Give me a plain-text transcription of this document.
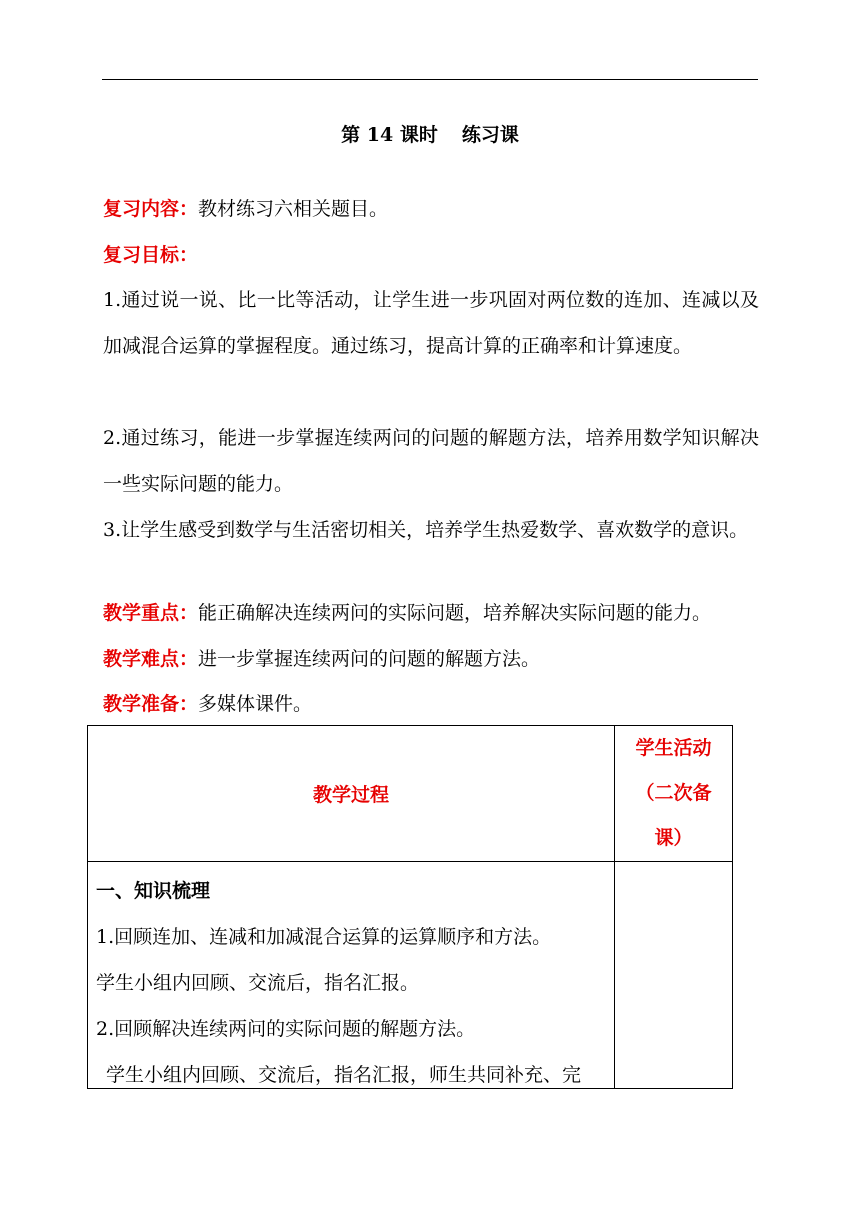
第 14 课时 练习课
复习内容：教材练习六相关题目。
复习目标：
1.通过说一说、比一比等活动，让学生进一步巩固对两位数的连加、连减以及加减混合运算的掌握程度。通过练习，提高计算的正确率和计算速度。
2.通过练习，能进一步掌握连续两问的问题的解题方法，培养用数学知识解决一些实际问题的能力。
3.让学生感受到数学与生活密切相关，培养学生热爱数学、喜欢数学的意识。
教学重点：能正确解决连续两问的实际问题，培养解决实际问题的能力。
教学难点：进一步掌握连续两问的问题的解题方法。
教学准备：多媒体课件。
教学过程	学生活动
（二次备
课）

一、知识梳理
1.回顾连加、连减和加减混合运算的运算顺序和方法。
学生小组内回顾、交流后，指名汇报。
2.回顾解决连续两问的实际问题的解题方法。
学生小组内回顾、交流后，指名汇报，师生共同补充、完	
